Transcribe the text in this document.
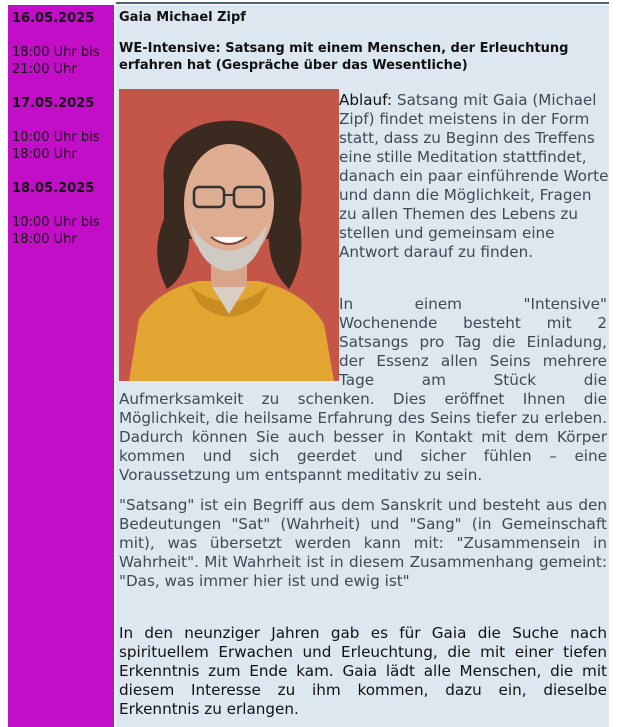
16.05.2025
18:00 Uhr bis 21:00 Uhr
17.05.2025
10:00 Uhr bis 18:00 Uhr
18.05.2025
10:00 Uhr bis 18:00 Uhr
Gaia Michael Zipf
WE-Intensive: Satsang mit einem Menschen, der Erleuchtung erfahren hat (Gespräche über das Wesentliche)
Ablauf: Satsang mit Gaia (Michael Zipf) findet meistens in der Form statt, dass zu Beginn des Treffens eine stille Meditation stattfindet, danach ein paar einführende Worte und dann die Möglichkeit, Fragen zu allen Themen des Lebens zu stellen und gemeinsam eine Antwort darauf zu finden.
In einem "Intensive"
Wochenende besteht mit 2
Satsangs pro Tag die Einladung,
der Essenz allen Seins mehrere
Tage am Stück die
Aufmerksamkeit zu schenken. Dies eröffnet Ihnen die Möglichkeit, die heilsame Erfahrung des Seins tiefer zu erleben. Dadurch können Sie auch besser in Kontakt mit dem Körper kommen und sich geerdet und sicher fühlen – eine Voraussetzung um entspannt meditativ zu sein.
"Satsang" ist ein Begriff aus dem Sanskrit und besteht aus den Bedeutungen "Sat" (Wahrheit) und "Sang" (in Gemeinschaft mit), was übersetzt werden kann mit: "Zusammensein in Wahrheit". Mit Wahrheit ist in diesem Zusammenhang gemeint: "Das, was immer hier ist und ewig ist"
In den neunziger Jahren gab es für Gaia die Suche nach spirituellem Erwachen und Erleuchtung, die mit einer tiefen Erkenntnis zum Ende kam. Gaia lädt alle Menschen, die mit diesem Interesse zu ihm kommen, dazu ein, dieselbe Erkenntnis zu erlangen.
